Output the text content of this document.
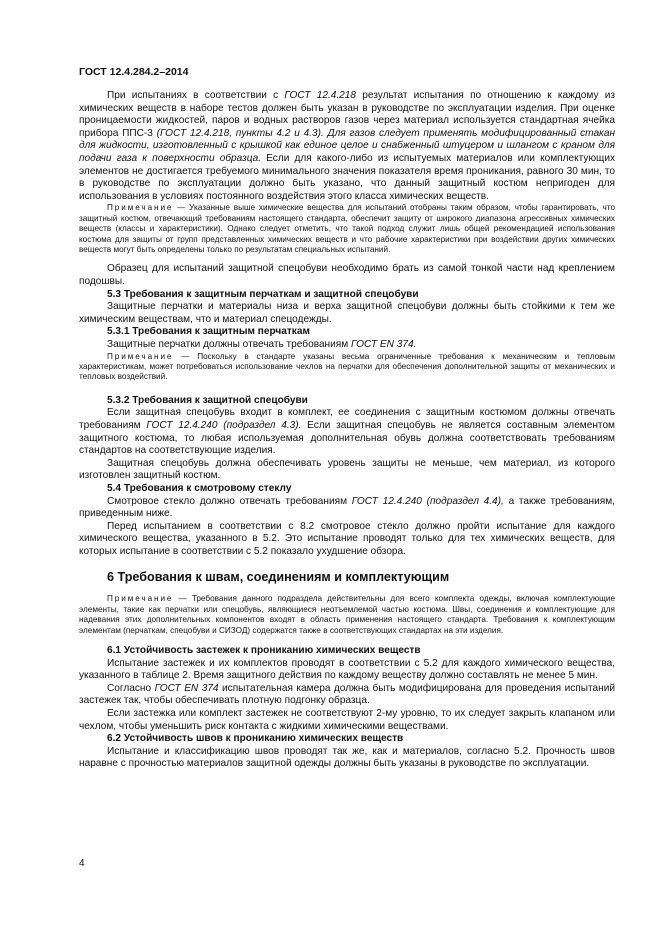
ГОСТ 12.4.284.2–2014

При испытаниях в соответствии с ГОСТ 12.4.218 результат испытания по отношению к каждому из химических веществ в наборе тестов должен быть указан в руководстве по эксплуатации изделия. При оценке проницаемости жидкостей, паров и водных растворов газов через материал используется стандартная ячейка прибора ППС-3 (ГОСТ 12.4.218, пункты 4.2 и 4.3). Для газов следует применять модифицированный стакан для жидкости, изготовленный с крышкой как единое целое и снабженный штуцером и шлангом с краном для подачи газа к поверхности образца. Если для какого-либо из испытуемых материалов или комплектующих элементов не достигается требуемого минимального значения показателя время проникания, равного 30 мин, то в руководстве по эксплуатации должно быть указано, что данный защитный костюм непригоден для использования в условиях постоянного воздействия этого класса химических веществ.

Примечание — Указанные выше химические вещества для испытаний отобраны таким образом, чтобы гарантировать, что защитный костюм, отвечающий требованиям настоящего стандарта, обеспечит защиту от широкого диапазона агрессивных химических веществ (классы и характеристики). Однако следует отметить, что такой подход служит лишь общей рекомендацией использования костюма для защиты от групп представленных химических веществ и что рабочие характеристики при воздействии других химических веществ могут быть определены только по результатам специальных испытаний.

Образец для испытаний защитной спецобуви необходимо брать из самой тонкой части над креплением подошвы.

5.3 Требования к защитным перчаткам и защитной спецобуви

Защитные перчатки и материалы низа и верха защитной спецобуви должны быть стойкими к тем же химическим веществам, что и материал спецодежды.

5.3.1 Требования к защитным перчаткам

Защитные перчатки должны отвечать требованиям ГОСТ EN 374.

Примечание — Поскольку в стандарте указаны весьма ограниченные требования к механическим и тепловым характеристикам, может потребоваться использование чехлов на перчатки для обеспечения дополнительной защиты от механических и тепловых воздействий.

5.3.2 Требования к защитной спецобуви

Если защитная спецобувь входит в комплект, ее соединения с защитным костюмом должны отвечать требованиям ГОСТ 12.4.240 (подраздел 4.3). Если защитная спецобувь не является составным элементом защитного костюма, то любая используемая дополнительная обувь должна соответствовать требованиям стандартов на соответствующие изделия.

Защитная спецобувь должна обеспечивать уровень защиты не меньше, чем материал, из которого изготовлен защитный костюм.

5.4 Требования к смотровому стеклу

Смотровое стекло должно отвечать требованиям ГОСТ 12.4.240 (подраздел 4.4), а также требованиям, приведенным ниже.

Перед испытанием в соответствии с 8.2 смотровое стекло должно пройти испытание для каждого химического вещества, указанного в 5.2. Это испытание проводят только для тех химических веществ, для которых испытание в соответствии с 5.2 показало ухудшение обзора.

6 Требования к швам, соединениям и комплектующим

Примечание — Требования данного подраздела действительны для всего комплекта одежды, включая комплектующие элементы, такие как перчатки или спецобувь, являющиеся неотъемлемой частью костюма. Швы, соединения и комплектующие для надевания этих дополнительных компонентов входят в область применения настоящего стандарта. Требования к комплектующим элементам (перчаткам, спецобуви и СИЗОД) содержатся также в соответствующих стандартах на эти изделия.

6.1 Устойчивость застежек к прониканию химических веществ

Испытание застежек и их комплектов проводят в соответствии с 5.2 для каждого химического вещества, указанного в таблице 2. Время защитного действия по каждому веществу должно составлять не менее 5 мин.

Согласно ГОСТ EN 374 испытательная камера должна быть модифицирована для проведения испытаний застежек так, чтобы обеспечивать плотную подгонку образца.

Если застежка или комплект застежек не соответствуют 2-му уровню, то их следует закрыть клапаном или чехлом, чтобы уменьшить риск контакта с жидкими химическими веществами.

6.2 Устойчивость швов к прониканию химических веществ

Испытание и классификацию швов проводят так же, как и материалов, согласно 5.2. Прочность швов наравне с прочностью материалов защитной одежды должны быть указаны в руководстве по эксплуатации.

4
